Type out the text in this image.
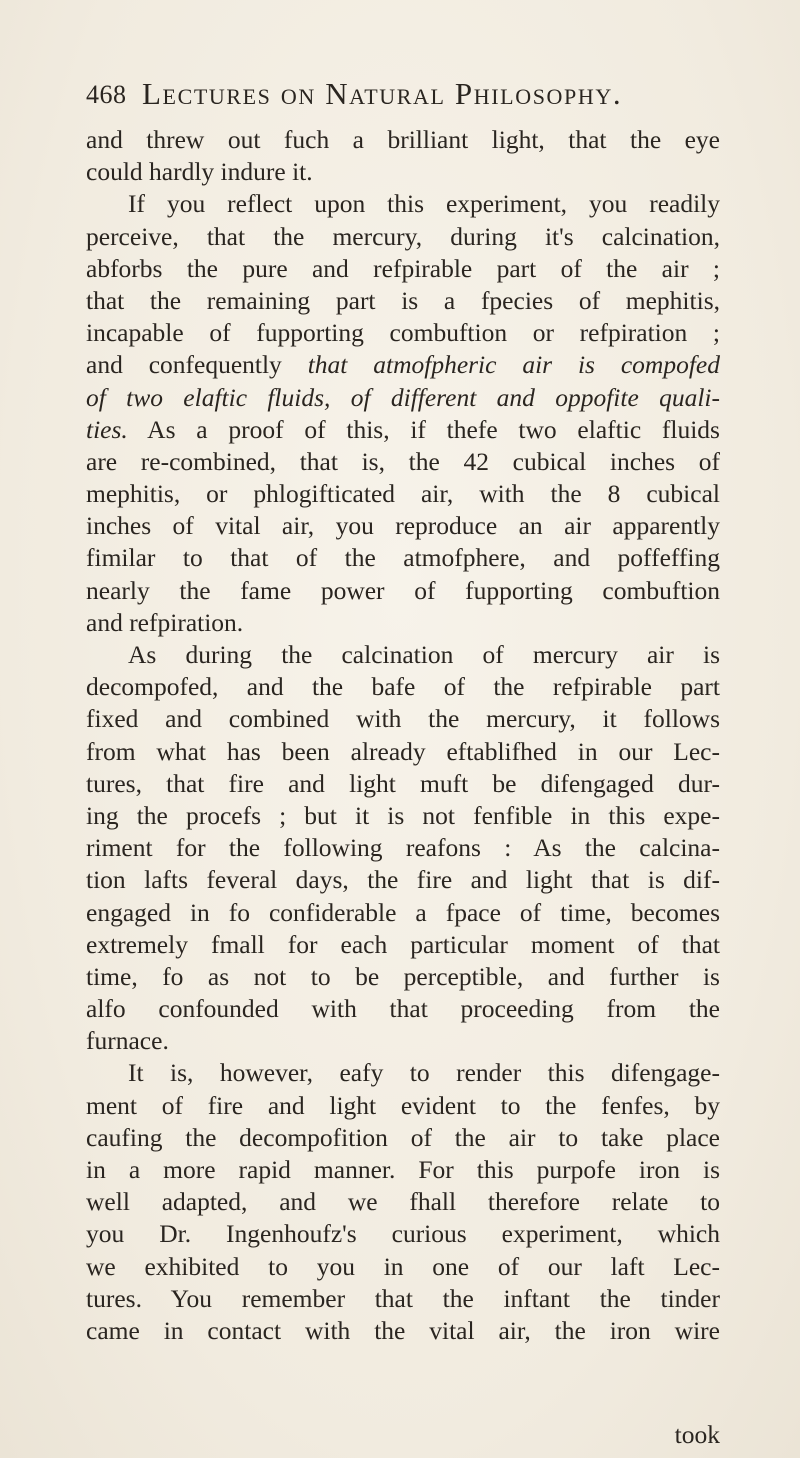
468 Lectures on Natural Philosophy.
and threw out fuch a brilliant light, that the eye
could hardly indure it.
If you reflect upon this experiment, you readily
perceive, that the mercury, during it's calcination,
abforbs the pure and refpirable part of the air ;
that the remaining part is a fpecies of mephitis,
incapable of fupporting combuftion or refpiration ;
and confequently that atmofpheric air is compofed
of two elaftic fluids, of different and oppofite quali-
ties. As a proof of this, if thefe two elaftic fluids
are re-combined, that is, the 42 cubical inches of
mephitis, or phlogifticated air, with the 8 cubical
inches of vital air, you reproduce an air apparently
fimilar to that of the atmofphere, and poffeffing
nearly the fame power of fupporting combuftion
and refpiration.
As during the calcination of mercury air is
decompofed, and the bafe of the refpirable part
fixed and combined with the mercury, it follows
from what has been already eftablifhed in our Lec-
tures, that fire and light muft be difengaged dur-
ing the procefs ; but it is not fenfible in this expe-
riment for the following reafons : As the calcina-
tion lafts feveral days, the fire and light that is dif-
engaged in fo confiderable a fpace of time, becomes
extremely fmall for each particular moment of that
time, fo as not to be perceptible, and further is
alfo confounded with that proceeding from the
furnace.
It is, however, eafy to render this difengage-
ment of fire and light evident to the fenfes, by
caufing the decompofition of the air to take place
in a more rapid manner. For this purpofe iron is
well adapted, and we fhall therefore relate to
you Dr. Ingenhoufz's curious experiment, which
we exhibited to you in one of our laft Lec-
tures. You remember that the inftant the tinder
came in contact with the vital air, the iron wire
took
